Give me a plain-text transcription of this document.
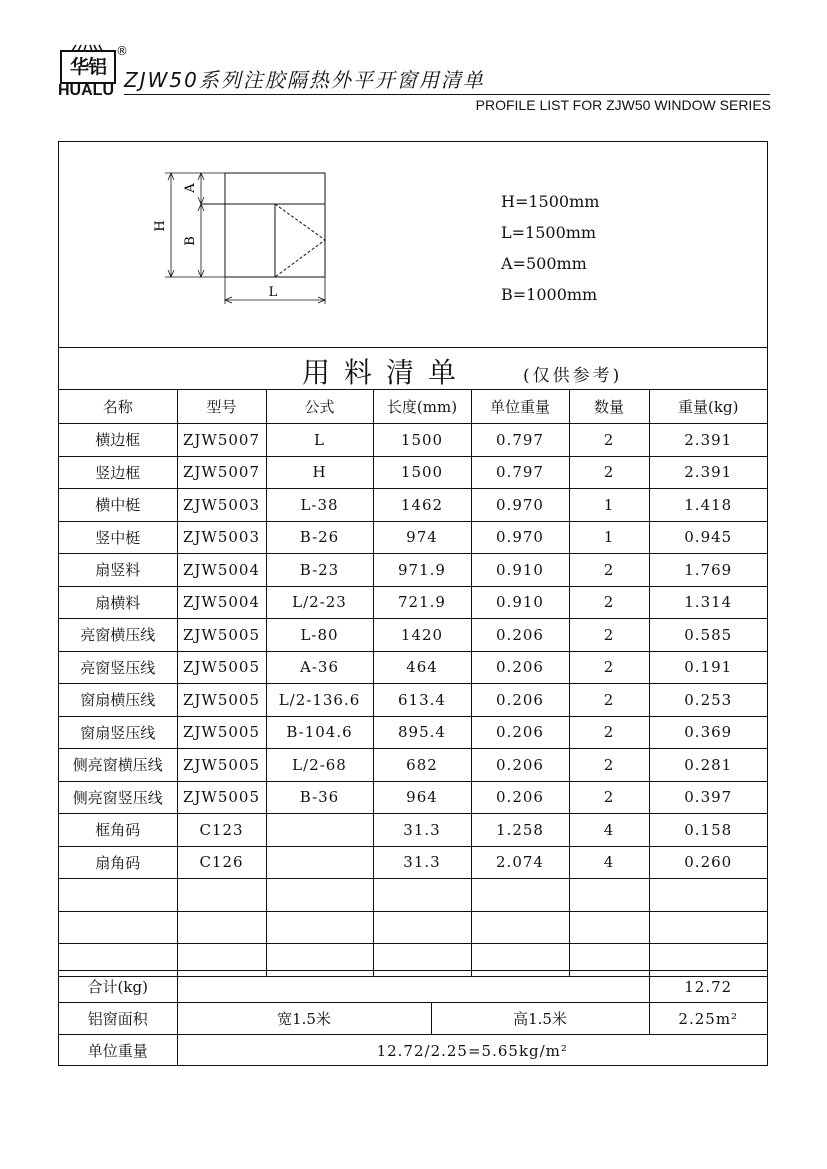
华铝
®
HUALU ZJW50系列注胶隔热外平开窗用清单
PROFILE LIST FOR ZJW50 WINDOW SERIES
H
A
B
L
H=1500mm
L=1500mm
A=500mm
B=1000mm
用料清单	(仅供参考)
名称	型号	公式	长度(mm)	单位重量	数量	重量(kg)
横边框	ZJW5007	L	1500	0.797	2	2.391
竖边框	ZJW5007	H	1500	0.797	2	2.391
横中梃	ZJW5003	L-38	1462	0.970	1	1.418
竖中梃	ZJW5003	B-26	974	0.970	1	0.945
扇竖料	ZJW5004	B-23	971.9	0.910	2	1.769
扇横料	ZJW5004	L/2-23	721.9	0.910	2	1.314
亮窗横压线	ZJW5005	L-80	1420	0.206	2	0.585
亮窗竖压线	ZJW5005	A-36	464	0.206	2	0.191
窗扇横压线	ZJW5005	L/2-136.6	613.4	0.206	2	0.253
窗扇竖压线	ZJW5005	B-104.6	895.4	0.206	2	0.369
侧亮窗横压线	ZJW5005	L/2-68	682	0.206	2	0.281
侧亮窗竖压线	ZJW5005	B-36	964	0.206	2	0.397
框角码	C123		31.3	1.258	4	0.158
扇角码	C126		31.3	2.074	4	0.260

合计(kg)			12.72
铝窗面积	宽1.5米	高1.5米	2.25m²
单位重量	12.72/2.25=5.65kg/m²		
